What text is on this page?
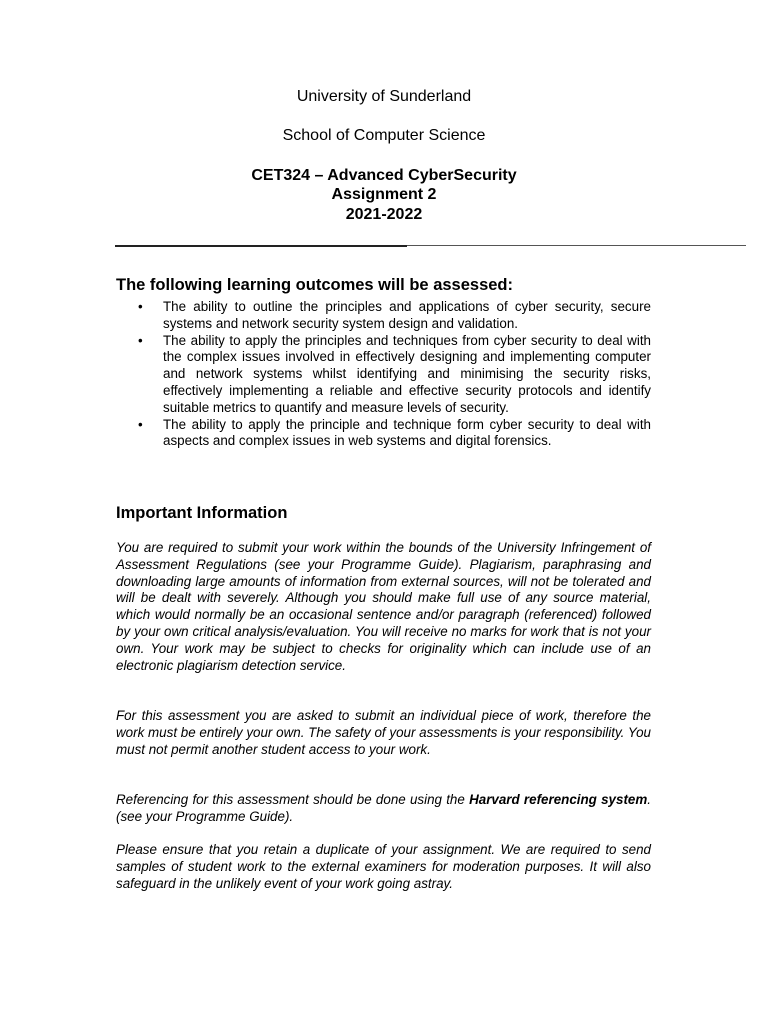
University of Sunderland
School of Computer Science
CET324 – Advanced CyberSecurity
Assignment 2
2021-2022
The following learning outcomes will be assessed:
• The ability to outline the principles and applications of cyber security, secure systems and network security system design and validation.
• The ability to apply the principles and techniques from cyber security to deal with the complex issues involved in effectively designing and implementing computer and network systems whilst identifying and minimising the security risks, effectively implementing a reliable and effective security protocols and identify suitable metrics to quantify and measure levels of security.
• The ability to apply the principle and technique form cyber security to deal with aspects and complex issues in web systems and digital forensics.
Important Information

You are required to submit your work within the bounds of the University Infringement of Assessment Regulations (see your Programme Guide). Plagiarism, paraphrasing and downloading large amounts of information from external sources, will not be tolerated and will be dealt with severely. Although you should make full use of any source material, which would normally be an occasional sentence and/or paragraph (referenced) followed by your own critical analysis/evaluation. You will receive no marks for work that is not your own. Your work may be subject to checks for originality which can include use of an electronic plagiarism detection service.

For this assessment you are asked to submit an individual piece of work, therefore the work must be entirely your own. The safety of your assessments is your responsibility. You must not permit another student access to your work.

Referencing for this assessment should be done using the Harvard referencing system. (see your Programme Guide).

Please ensure that you retain a duplicate of your assignment. We are required to send samples of student work to the external examiners for moderation purposes. It will also safeguard in the unlikely event of your work going astray.
